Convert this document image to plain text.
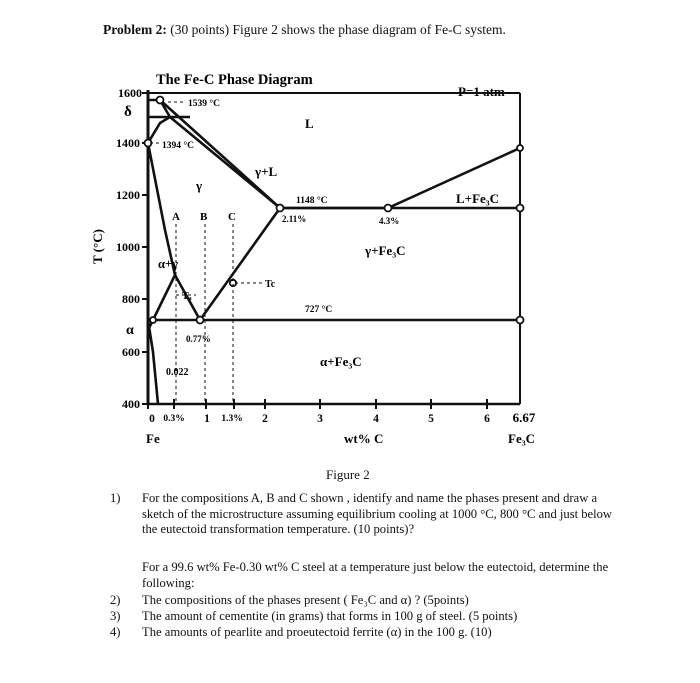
Problem 2: (30 points) Figure 2 shows the phase diagram of Fe-C system.
The Fe-C Phase Diagram
P=1 atm
1600
1400
1200
1000
800
600
400
T (°C)
0 0.3% 1 1.3% 2	3	4	5	6 6.67
Fe	wt% C	Fe₃C
1539 °C
1394 °C
1148 °C
2.11%	4.3%
727 °C
0.77%
0.022
Tc
Tₐ
A B C
δ
L
γ+L
γ
α+γ
α
L+Fe₃C
γ+Fe₃C
α+Fe₃C
Figure 2
1) For the compositions A, B and C shown , identify and name the phases present and draw a sketch of the microstructure assuming equilibrium cooling at 1000 °C, 800 °C and just below the eutectoid transformation temperature. (10 points)?
For a 99.6 wt% Fe-0.30 wt% C steel at a temperature just below the eutectoid, determine the following:
2) The compositions of the phases present ( Fe₃C and α) ? (5points)
3) The amount of cementite (in grams) that forms in 100 g of steel. (5 points)
4) The amounts of pearlite and proeutectoid ferrite (α) in the 100 g. (10)
